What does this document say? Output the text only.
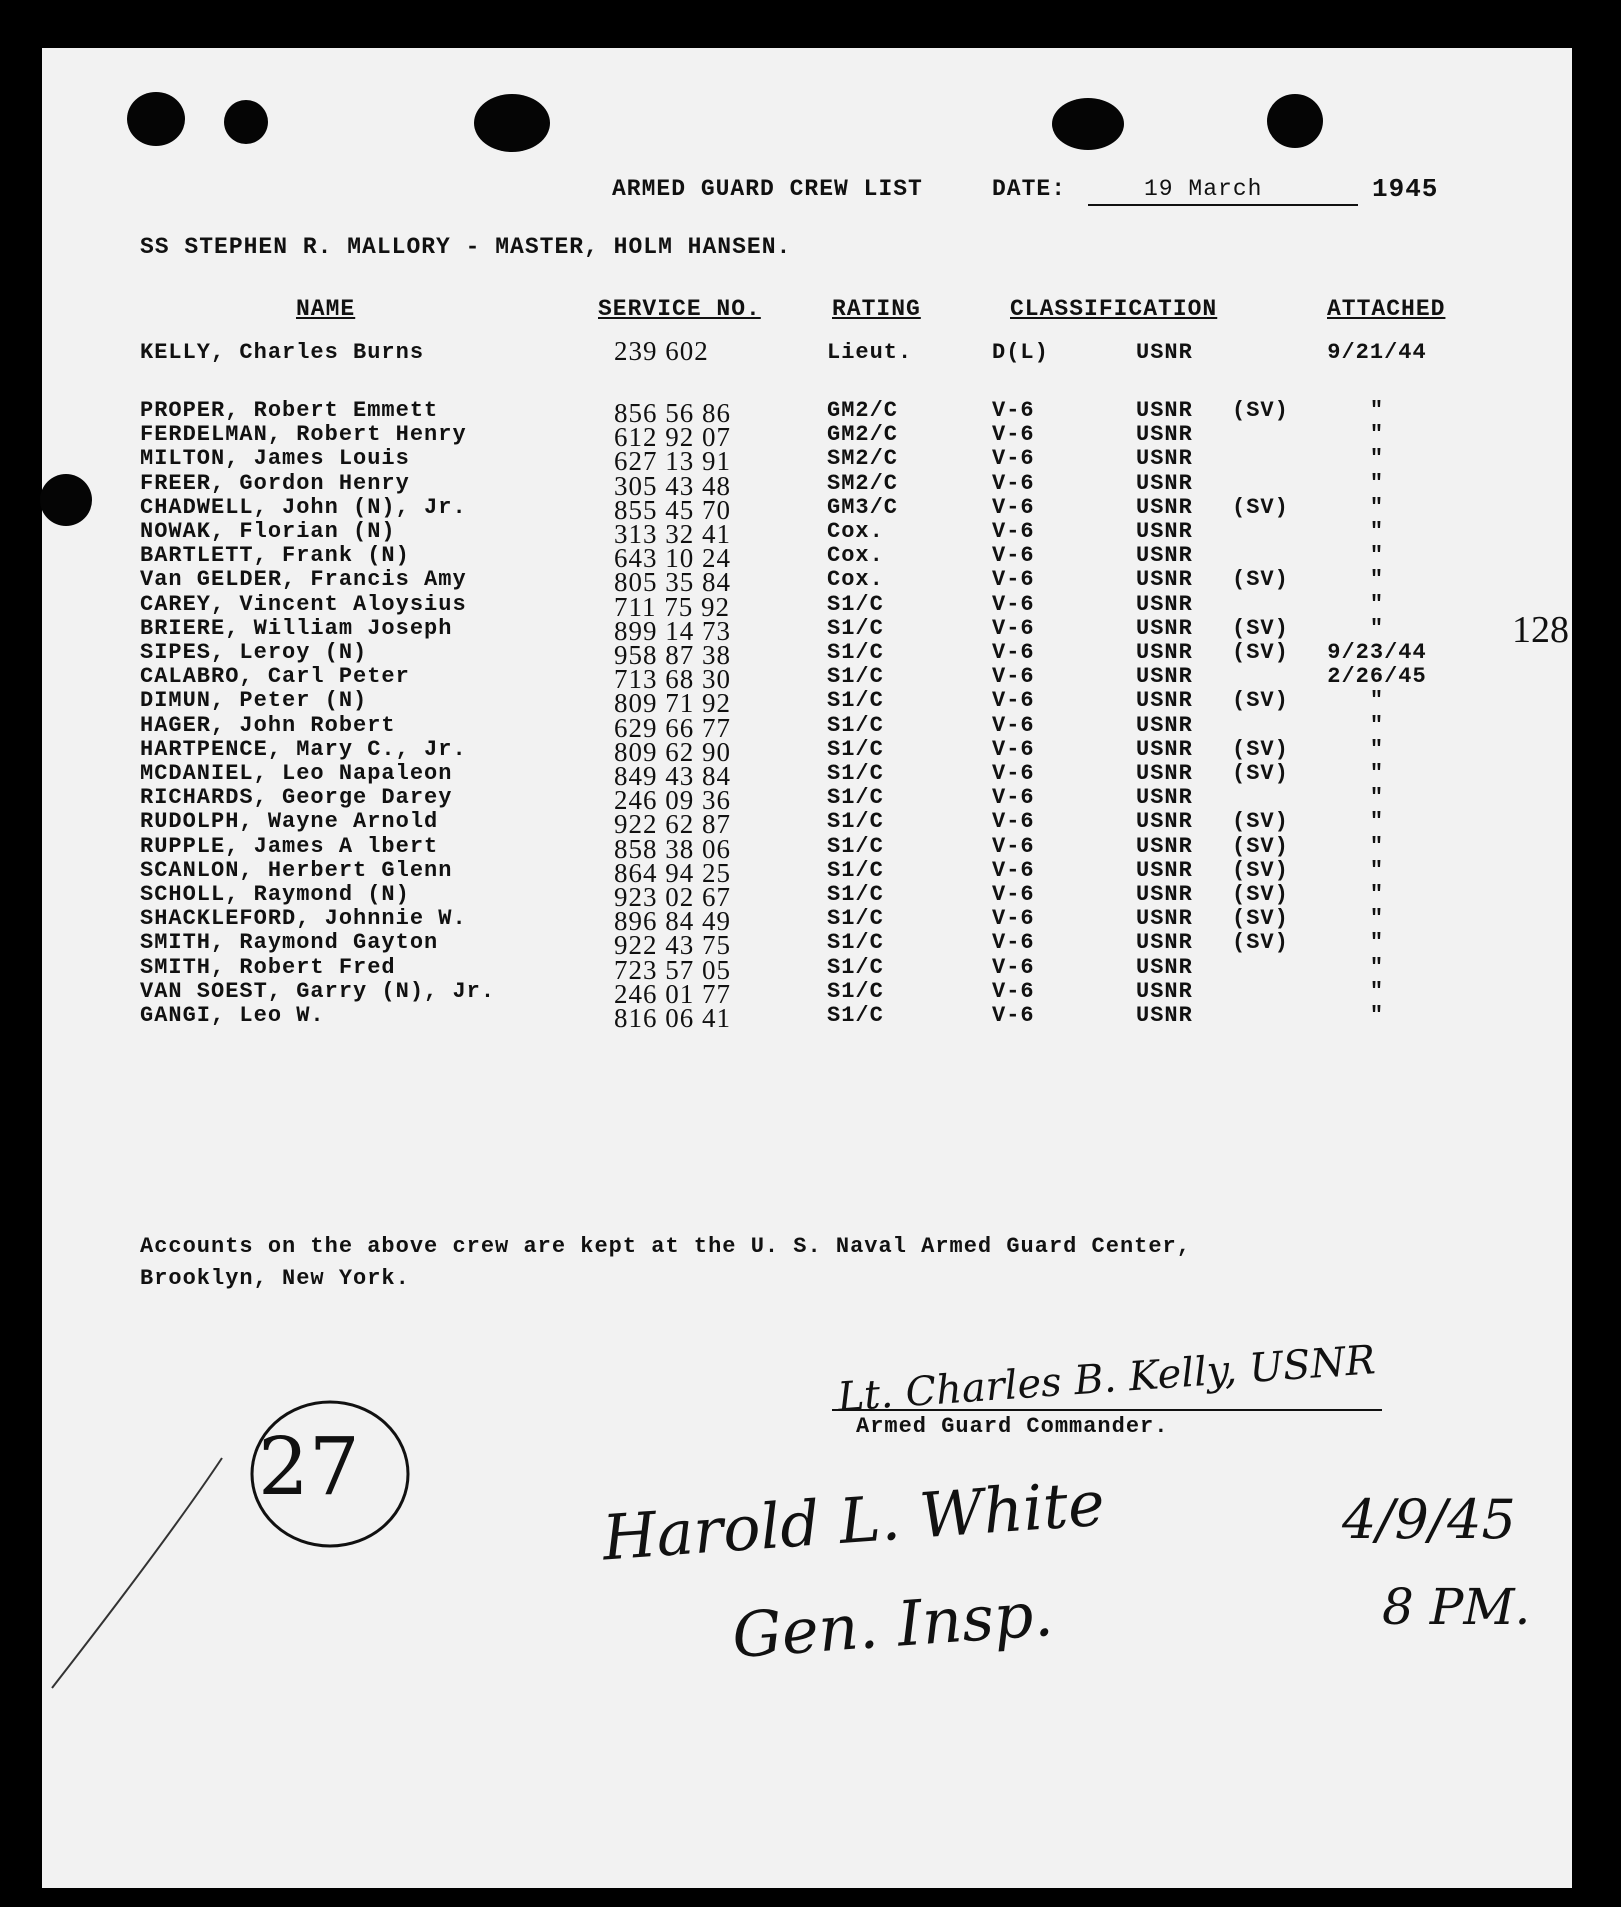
ARMED GUARD CREW LIST	DATE:	19 March	1945
SS STEPHEN R. MALLORY - MASTER, HOLM HANSEN.
NAME	SERVICE NO.	RATING	CLASSIFICATION	ATTACHED
128
KELLY, Charles Burns	239 602	Lieut.	D(L)	USNR	9/21/44
PROPER, Robert Emmett	856 56 86	GM2/C	V-6	USNR (SV)	"
FERDELMAN, Robert Henry	612 92 07	GM2/C	V-6	USNR	"
MILTON, James Louis	627 13 91	SM2/C	V-6	USNR	"
FREER, Gordon Henry	305 43 48	SM2/C	V-6	USNR	"
CHADWELL, John (N), Jr.	855 45 70	GM3/C	V-6	USNR (SV)	"
NOWAK, Florian (N)	313 32 41	Cox.	V-6	USNR	"
BARTLETT, Frank (N)	643 10 24	Cox.	V-6	USNR	"
Van GELDER, Francis Amy	805 35 84	Cox.	V-6	USNR (SV)	"
CAREY, Vincent Aloysius	711 75 92	S1/C	V-6	USNR	"
BRIERE, William Joseph	899 14 73	S1/C	V-6	USNR (SV)	"
SIPES, Leroy (N)	958 87 38	S1/C	V-6	USNR (SV) 9/23/44
CALABRO, Carl Peter	713 68 30	S1/C	V-6	USNR	2/26/45
DIMUN, Peter (N)	809 71 92	S1/C	V-6	USNR (SV)	"
HAGER, John Robert	629 66 77	S1/C	V-6	USNR	"
HARTPENCE, Mary C., Jr.	809 62 90	S1/C	V-6	USNR (SV)	"
MCDANIEL, Leo Napaleon	849 43 84	S1/C	V-6	USNR (SV)	"
RICHARDS, George Darey	246 09 36	S1/C	V-6	USNR	"
RUDOLPH, Wayne Arnold	922 62 87	S1/C	V-6	USNR (SV)	"
RUPPLE, James A lbert	858 38 06	S1/C	V-6	USNR (SV)	"
SCANLON, Herbert Glenn	864 94 25	S1/C	V-6	USNR (SV)	"
SCHOLL, Raymond (N)	923 02 67	S1/C	V-6	USNR (SV)	"
SHACKLEFORD, Johnnie W.	896 84 49	S1/C	V-6	USNR (SV)	"
SMITH, Raymond Gayton	922 43 75	S1/C	V-6	USNR (SV)	"
SMITH, Robert Fred	723 57 05	S1/C	V-6	USNR	"
VAN SOEST, Garry (N), Jr.	246 01 77	S1/C	V-6	USNR	"
GANGI, Leo W.	816 06 41	S1/C	V-6	USNR	"
Accounts on the above crew are kept at the U. S. Naval Armed Guard Center,
Brooklyn, New York.
Lt. Charles B. Kelly, USNR
Armed Guard Commander.
27
Harold L. White
Gen. Insp.
4/9/45
8 PM.
